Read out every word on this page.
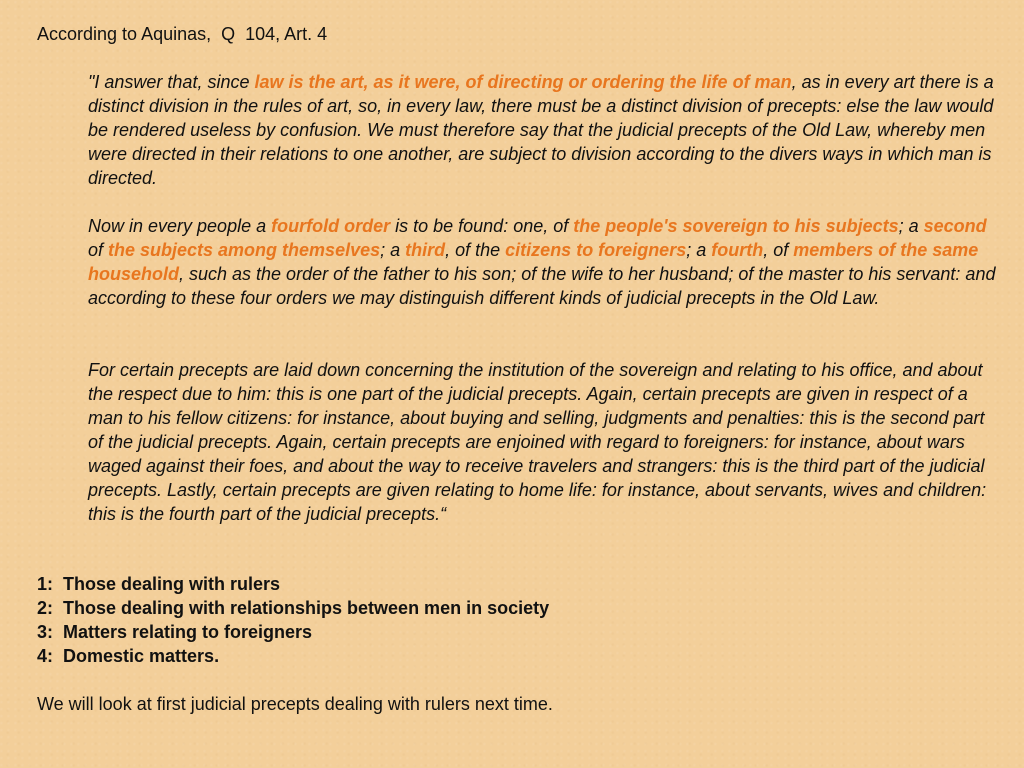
According to Aquinas,  Q  104, Art. 4

"I answer that, since law is the art, as it were, of directing or ordering the life of man, as in every art there is a distinct division in the rules of art, so, in every law, there must be a distinct division of precepts: else the law would be rendered useless by confusion. We must therefore say that the judicial precepts of the Old Law, whereby men were directed in their relations to one another, are subject to division according to the divers ways in which man is directed.

Now in every people a fourfold order is to be found: one, of the people's sovereign to his subjects; a second of the subjects among themselves; a third, of the citizens to foreigners; a fourth, of members of the same household, such as the order of the father to his son; of the wife to her husband; of the master to his servant: and according to these four orders we may distinguish different kinds of judicial precepts in the Old Law.

For certain precepts are laid down concerning the institution of the sovereign and relating to his office, and about the respect due to him: this is one part of the judicial precepts. Again, certain precepts are given in respect of a man to his fellow citizens: for instance, about buying and selling, judgments and penalties: this is the second part of the judicial precepts. Again, certain precepts are enjoined with regard to foreigners: for instance, about wars waged against their foes, and about the way to receive travelers and strangers: this is the third part of the judicial precepts. Lastly, certain precepts are given relating to home life: for instance, about servants, wives and children: this is the fourth part of the judicial precepts.“

1:  Those dealing with rulers
2:  Those dealing with relationships between men in society
3:  Matters relating to foreigners
4:  Domestic matters.
We will look at first judicial precepts dealing with rulers next time.
